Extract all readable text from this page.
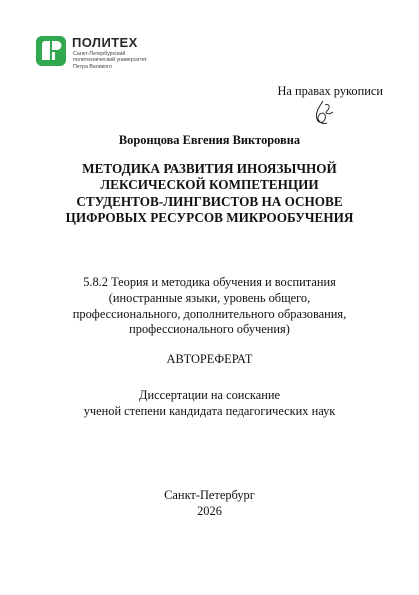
ПОЛИТЕХ
Санкт-Петербургский
политехнический университет
Петра Великого
На правах рукописи
Воронцова Евгения Викторовна
МЕТОДИКА РАЗВИТИЯ ИНОЯЗЫЧНОЙ
ЛЕКСИЧЕСКОЙ КОМПЕТЕНЦИИ
СТУДЕНТОВ-ЛИНГВИСТОВ НА ОСНОВЕ
ЦИФРОВЫХ РЕСУРСОВ МИКРООБУЧЕНИЯ
5.8.2 Теория и методика обучения и воспитания
(иностранные языки, уровень общего,
профессионального, дополнительного образования,
профессионального обучения)
АВТОРЕФЕРАТ
Диссертации на соискание
ученой степени кандидата педагогических наук
Санкт-Петербург
2026
